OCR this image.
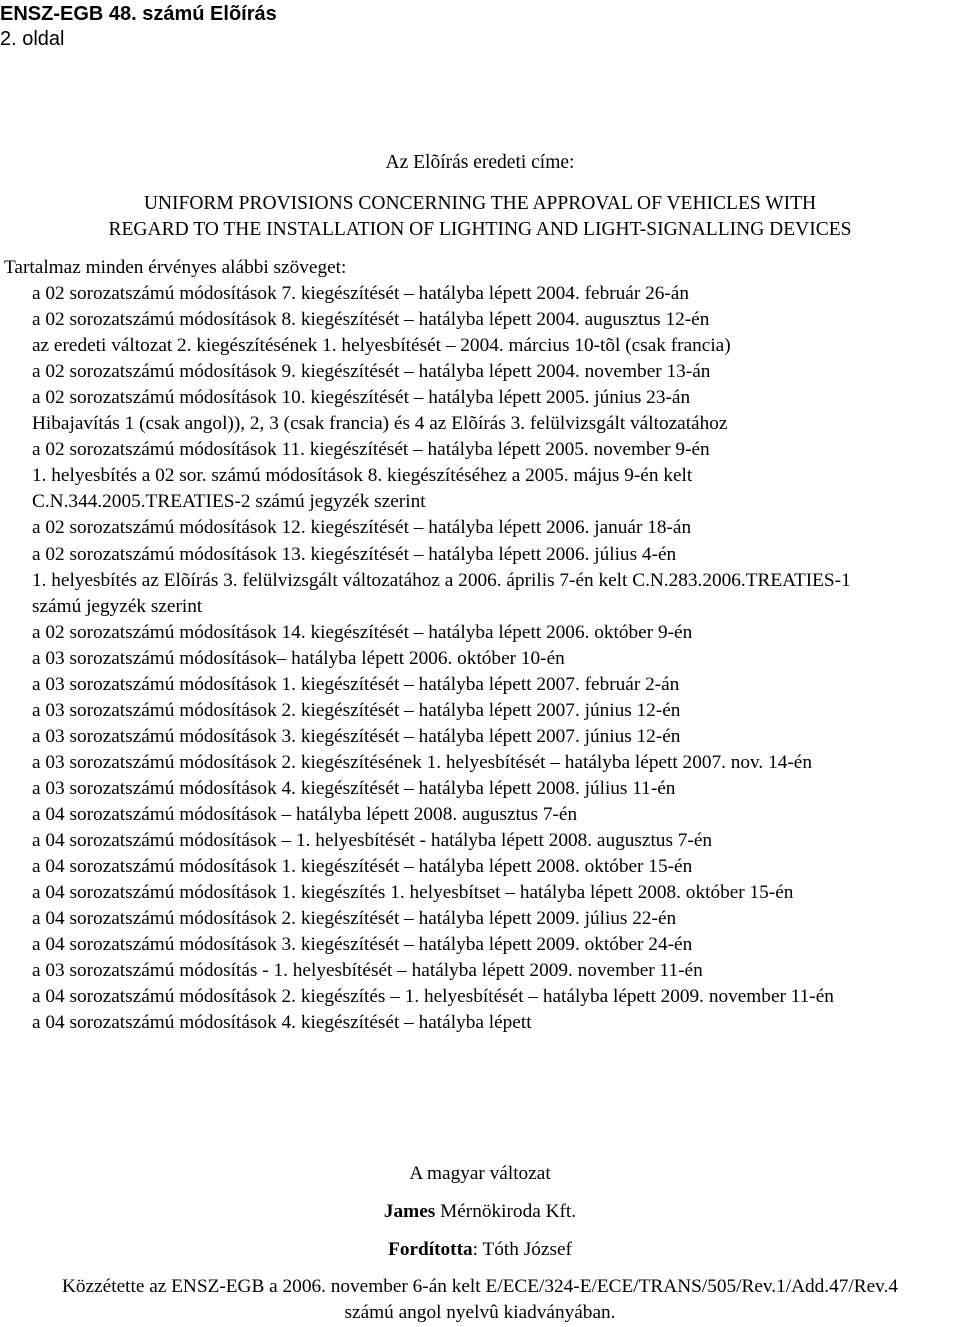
ENSZ-EGB 48. számú Elõírás
2. oldal
Az Elõírás eredeti címe:
UNIFORM PROVISIONS CONCERNING THE APPROVAL OF VEHICLES WITH
REGARD TO THE INSTALLATION OF LIGHTING AND LIGHT-SIGNALLING DEVICES
Tartalmaz minden érvényes alábbi szöveget:
a 02 sorozatszámú módosítások 7. kiegészítését – hatályba lépett 2004. február 26-án
a 02 sorozatszámú módosítások 8. kiegészítését – hatályba lépett 2004. augusztus 12-én
az eredeti változat 2. kiegészítésének 1. helyesbítését – 2004. március 10-tõl (csak francia)
a 02 sorozatszámú módosítások 9. kiegészítését – hatályba lépett 2004. november 13-án
a 02 sorozatszámú módosítások 10. kiegészítését – hatályba lépett 2005. június 23-án
Hibajavítás 1 (csak angol)), 2, 3 (csak francia) és 4 az Elõírás 3. felülvizsgált változatához
a 02 sorozatszámú módosítások 11. kiegészítését – hatályba lépett 2005. november 9-én
1. helyesbítés a 02 sor. számú módosítások 8. kiegészítéséhez a 2005. május 9-én kelt
C.N.344.2005.TREATIES-2 számú jegyzék szerint
a 02 sorozatszámú módosítások 12. kiegészítését – hatályba lépett 2006. január 18-án
a 02 sorozatszámú módosítások 13. kiegészítését – hatályba lépett 2006. július 4-én
1. helyesbítés az Elõírás 3. felülvizsgált változatához a 2006. április 7-én kelt C.N.283.2006.TREATIES-1
számú jegyzék szerint
a 02 sorozatszámú módosítások 14. kiegészítését – hatályba lépett 2006. október 9-én
a 03 sorozatszámú módosítások– hatályba lépett 2006. október 10-én
a 03 sorozatszámú módosítások 1. kiegészítését – hatályba lépett 2007. február 2-án
a 03 sorozatszámú módosítások 2. kiegészítését – hatályba lépett 2007. június 12-én
a 03 sorozatszámú módosítások 3. kiegészítését – hatályba lépett 2007. június 12-én
a 03 sorozatszámú módosítások 2. kiegészítésének 1. helyesbítését – hatályba lépett 2007. nov. 14-én
a 03 sorozatszámú módosítások 4. kiegészítését – hatályba lépett 2008. július 11-én
a 04 sorozatszámú módosítások – hatályba lépett 2008. augusztus 7-én
a 04 sorozatszámú módosítások – 1. helyesbítését - hatályba lépett 2008. augusztus 7-én
a 04 sorozatszámú módosítások 1. kiegészítését – hatályba lépett 2008. október 15-én
a 04 sorozatszámú módosítások 1. kiegészítés 1. helyesbítset – hatályba lépett 2008. október 15-én
a 04 sorozatszámú módosítások 2. kiegészítését – hatályba lépett 2009. július 22-én
a 04 sorozatszámú módosítások 3. kiegészítését – hatályba lépett 2009. október 24-én
a 03 sorozatszámú módosítás - 1. helyesbítését – hatályba lépett 2009. november 11-én
a 04 sorozatszámú módosítások 2. kiegészítés – 1. helyesbítését – hatályba lépett 2009. november 11-én
a 04 sorozatszámú módosítások 4. kiegészítését – hatályba lépett
A magyar változat
James Mérnökiroda Kft.
Fordította: Tóth József
Közzétette az ENSZ-EGB a 2006. november 6-án kelt E/ECE/324-E/ECE/TRANS/505/Rev.1/Add.47/Rev.4
számú angol nyelvû kiadványában.
